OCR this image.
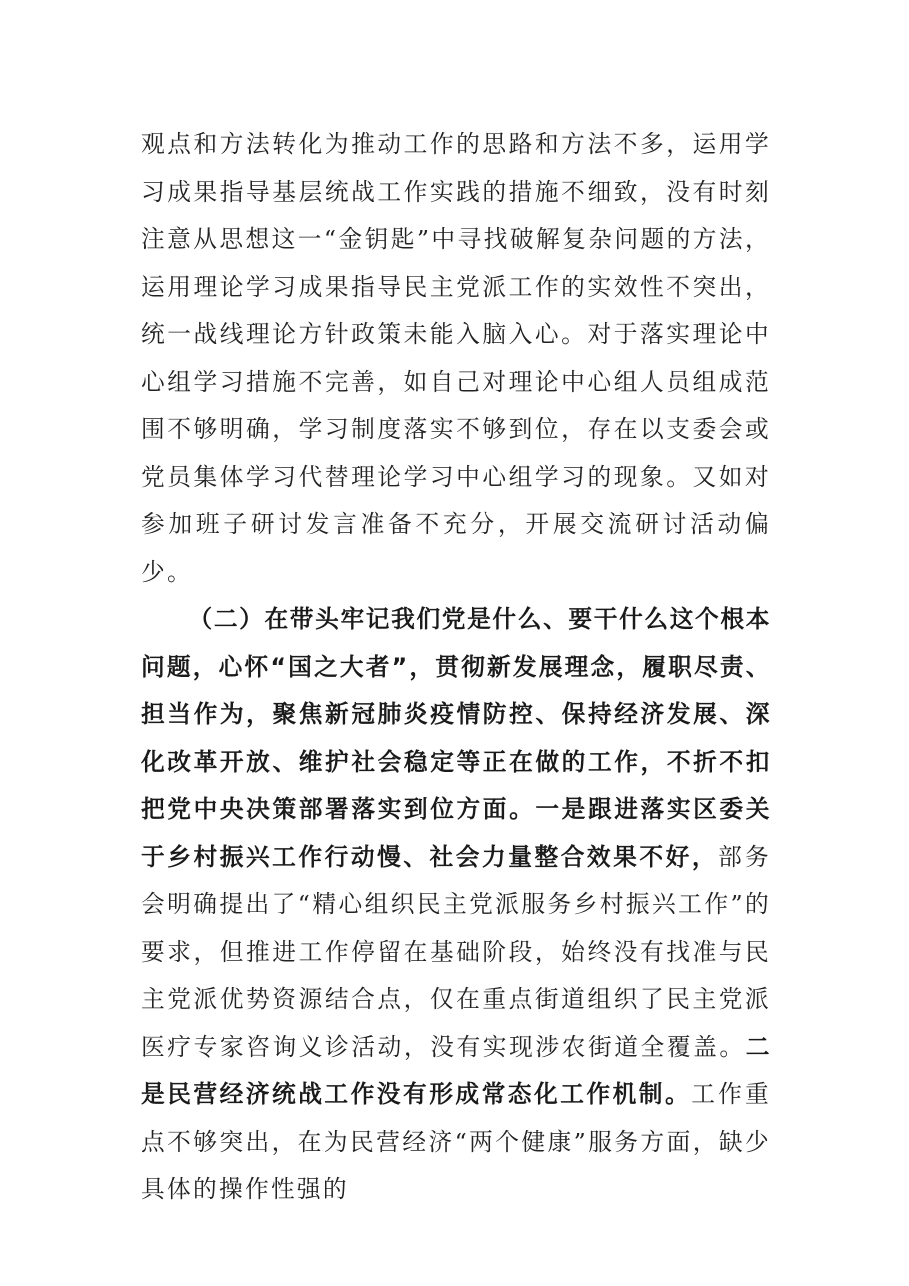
观点和方法转化为推动工作的思路和方法不多，运用学习成果指导基层统战工作实践的措施不细致，没有时刻注意从思想这一“金钥匙”中寻找破解复杂问题的方法，运用理论学习成果指导民主党派工作的实效性不突出，统一战线理论方针政策未能入脑入心。对于落实理论中心组学习措施不完善，如自己对理论中心组人员组成范围不够明确，学习制度落实不够到位，存在以支委会或党员集体学习代替理论学习中心组学习的现象。又如对参加班子研讨发言准备不充分，开展交流研讨活动偏少。

（二）在带头牢记我们党是什么、要干什么这个根本问题，心怀“国之大者”，贯彻新发展理念，履职尽责、担当作为，聚焦新冠肺炎疫情防控、保持经济发展、深化改革开放、维护社会稳定等正在做的工作，不折不扣把党中央决策部署落实到位方面。一是跟进落实区委关于乡村振兴工作行动慢、社会力量整合效果不好，部务会明确提出了“精心组织民主党派服务乡村振兴工作”的要求，但推进工作停留在基础阶段，始终没有找准与民主党派优势资源结合点，仅在重点街道组织了民主党派医疗专家咨询义诊活动，没有实现涉农街道全覆盖。二是民营经济统战工作没有形成常态化工作机制。工作重点不够突出，在为民营经济“两个健康”服务方面，缺少具体的操作性强的
